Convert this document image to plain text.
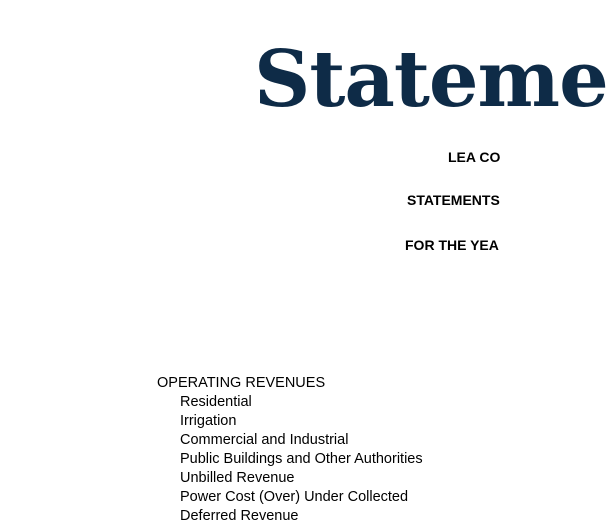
Stateme

LEA CO

STATEMENTS

FOR THE YEA

OPERATING REVENUES

Residential
Irrigation
Commercial and Industrial
Public Buildings and Other Authorities
Unbilled Revenue
Power Cost (Over) Under Collected
Deferred Revenue
